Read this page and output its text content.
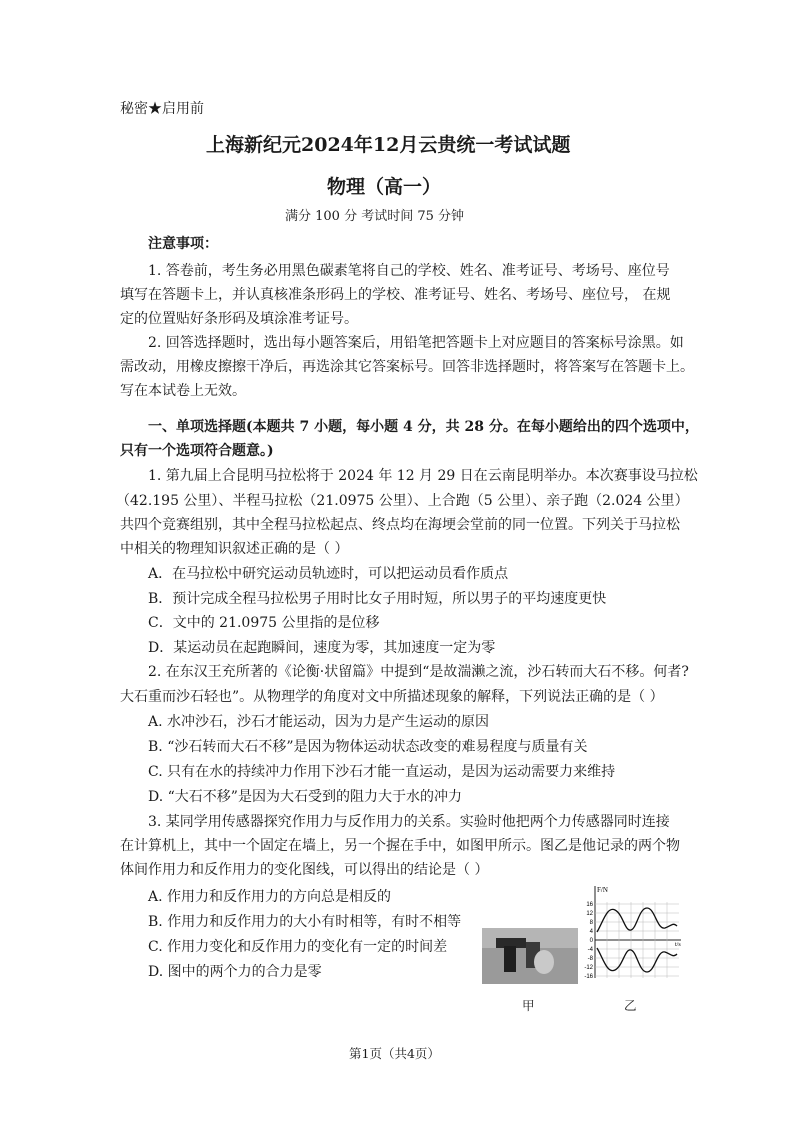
秘密★启用前
上海新纪元2024年12月云贵统一考试试题
物理（高一）
满分 100 分 考试时间 75 分钟
注意事项：
1. 答卷前，考生务必用黑色碳素笔将自己的学校、姓名、准考证号、考场号、座位号
填写在答题卡上，并认真核准条形码上的学校、准考证号、姓名、考场号、座位号， 在规
定的位置贴好条形码及填涂准考证号。
2. 回答选择题时，选出每小题答案后，用铅笔把答题卡上对应题目的答案标号涂黑。如
需改动，用橡皮擦擦干净后，再选涂其它答案标号。回答非选择题时，将答案写在答题卡上。
写在本试卷上无效。
一、单项选择题(本题共 7 小题，每小题 4 分，共 28 分。在每小题给出的四个选项中，
只有一个选项符合题意。)
1. 第九届上合昆明马拉松将于 2024 年 12 月 29 日在云南昆明举办。本次赛事设马拉松
（42.195 公里）、半程马拉松（21.0975 公里）、上合跑（5 公里）、亲子跑（2.024 公里）
共四个竞赛组别，其中全程马拉松起点、终点均在海埂会堂前的同一位置。下列关于马拉松
中相关的物理知识叙述正确的是（ ）
A．在马拉松中研究运动员轨迹时，可以把运动员看作质点
B．预计完成全程马拉松男子用时比女子用时短，所以男子的平均速度更快
C．文中的 21.0975 公里指的是位移
D．某运动员在起跑瞬间，速度为零，其加速度一定为零
2. 在东汉王充所著的《论衡·状留篇》中提到“是故湍濑之流，沙石转而大石不移。何者?
大石重而沙石轻也”。从物理学的角度对文中所描述现象的解释，下列说法正确的是（ ）
A. 水冲沙石，沙石才能运动，因为力是产生运动的原因
B. “沙石转而大石不移”是因为物体运动状态改变的难易程度与质量有关
C. 只有在水的持续冲力作用下沙石才能一直运动，是因为运动需要力来维持
D. “大石不移”是因为大石受到的阻力大于水的冲力
3. 某同学用传感器探究作用力与反作用力的关系。实验时他把两个力传感器同时连接
在计算机上，其中一个固定在墙上，另一个握在手中，如图甲所示。图乙是他记录的两个物
体间作用力和反作用力的变化图线，可以得出的结论是（ ）
A. 作用力和反作用力的方向总是相反的
B. 作用力和反作用力的大小有时相等，有时不相等
C. 作用力变化和反作用力的变化有一定的时间差
D. 图中的两个力的合力是零
甲
F/N
t/s
16
12
8
4
0
-4
-8
-12
-16
乙
第1页（共4页）
